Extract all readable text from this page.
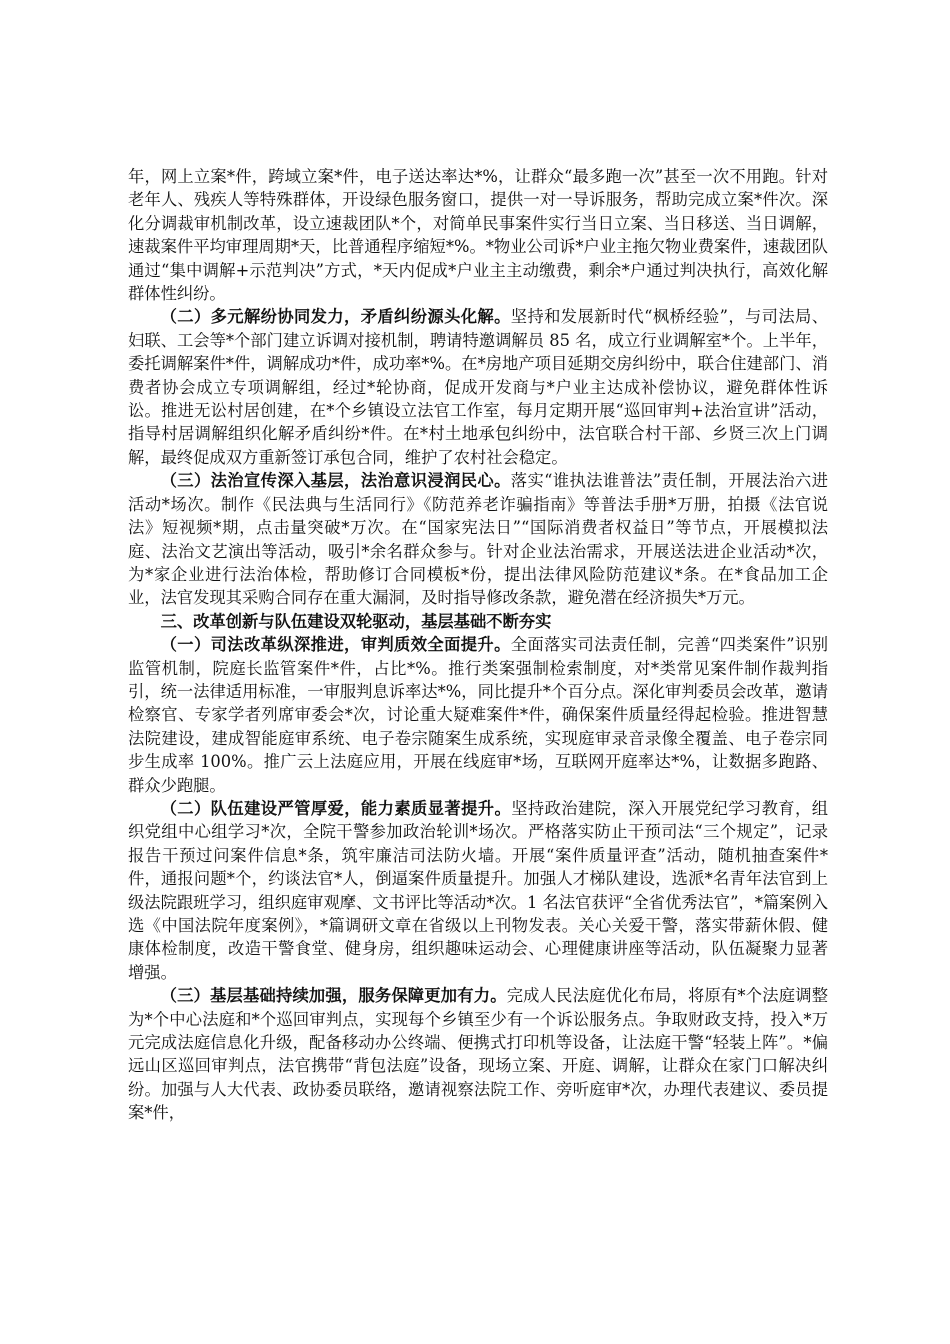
年，网上立案*件，跨域立案*件，电子送达率达*%，让群众“最多跑一次”甚至一次不用跑。针对老年人、残疾人等特殊群体，开设绿色服务窗口，提供一对一导诉服务，帮助完成立案*件次。深化分调裁审机制改革，设立速裁团队*个，对简单民事案件实行当日立案、当日移送、当日调解，速裁案件平均审理周期*天，比普通程序缩短*%。*物业公司诉*户业主拖欠物业费案件，速裁团队通过“集中调解+示范判决”方式，*天内促成*户业主主动缴费，剩余*户通过判决执行，高效化解群体性纠纷。

（二）多元解纷协同发力，矛盾纠纷源头化解。坚持和发展新时代“枫桥经验”，与司法局、妇联、工会等*个部门建立诉调对接机制，聘请特邀调解员 85 名，成立行业调解室*个。上半年，委托调解案件*件，调解成功*件，成功率*%。在*房地产项目延期交房纠纷中，联合住建部门、消费者协会成立专项调解组，经过*轮协商，促成开发商与*户业主达成补偿协议，避免群体性诉讼。推进无讼村居创建，在*个乡镇设立法官工作室，每月定期开展“巡回审判+法治宣讲”活动，指导村居调解组织化解矛盾纠纷*件。在*村土地承包纠纷中，法官联合村干部、乡贤三次上门调解，最终促成双方重新签订承包合同，维护了农村社会稳定。

（三）法治宣传深入基层，法治意识浸润民心。落实“谁执法谁普法”责任制，开展法治六进活动*场次。制作《民法典与生活同行》《防范养老诈骗指南》等普法手册*万册，拍摄《法官说法》短视频*期，点击量突破*万次。在“国家宪法日”“国际消费者权益日”等节点，开展模拟法庭、法治文艺演出等活动，吸引*余名群众参与。针对企业法治需求，开展送法进企业活动*次，为*家企业进行法治体检，帮助修订合同模板*份，提出法律风险防范建议*条。在*食品加工企业，法官发现其采购合同存在重大漏洞，及时指导修改条款，避免潜在经济损失*万元。

三、改革创新与队伍建设双轮驱动，基层基础不断夯实

（一）司法改革纵深推进，审判质效全面提升。全面落实司法责任制，完善“四类案件”识别监管机制，院庭长监管案件*件，占比*%。推行类案强制检索制度，对*类常见案件制作裁判指引，统一法律适用标准，一审服判息诉率达*%，同比提升*个百分点。深化审判委员会改革，邀请检察官、专家学者列席审委会*次，讨论重大疑难案件*件，确保案件质量经得起检验。推进智慧法院建设，建成智能庭审系统、电子卷宗随案生成系统，实现庭审录音录像全覆盖、电子卷宗同步生成率 100%。推广云上法庭应用，开展在线庭审*场，互联网开庭率达*%，让数据多跑路、群众少跑腿。

（二）队伍建设严管厚爱，能力素质显著提升。坚持政治建院，深入开展党纪学习教育，组织党组中心组学习*次，全院干警参加政治轮训*场次。严格落实防止干预司法“三个规定”，记录报告干预过问案件信息*条，筑牢廉洁司法防火墙。开展“案件质量评查”活动，随机抽查案件*件，通报问题*个，约谈法官*人，倒逼案件质量提升。加强人才梯队建设，选派*名青年法官到上级法院跟班学习，组织庭审观摩、文书评比等活动*次。1 名法官获评“全省优秀法官”，*篇案例入选《中国法院年度案例》，*篇调研文章在省级以上刊物发表。关心关爱干警，落实带薪休假、健康体检制度，改造干警食堂、健身房，组织趣味运动会、心理健康讲座等活动，队伍凝聚力显著增强。

（三）基层基础持续加强，服务保障更加有力。完成人民法庭优化布局，将原有*个法庭调整为*个中心法庭和*个巡回审判点，实现每个乡镇至少有一个诉讼服务点。争取财政支持，投入*万元完成法庭信息化升级，配备移动办公终端、便携式打印机等设备，让法庭干警“轻装上阵”。*偏远山区巡回审判点，法官携带“背包法庭”设备，现场立案、开庭、调解，让群众在家门口解决纠纷。加强与人大代表、政协委员联络，邀请视察法院工作、旁听庭审*次，办理代表建议、委员提案*件，
